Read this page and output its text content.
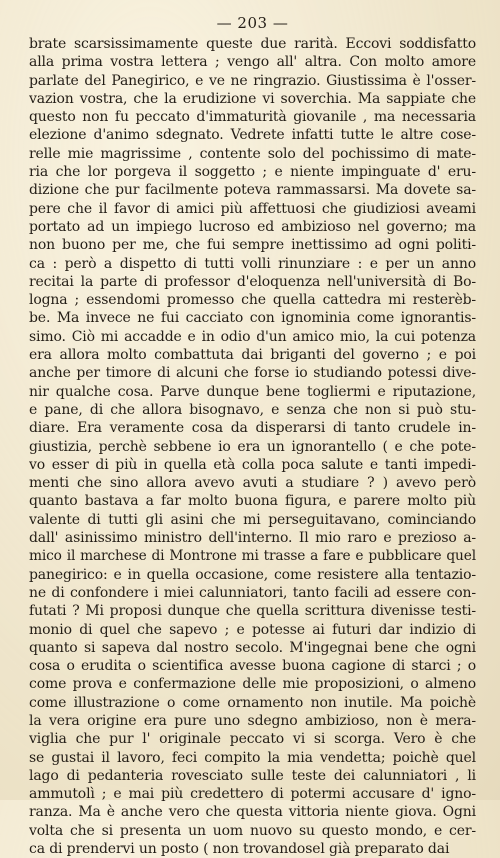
— 203 —
brate scarsissimamente queste due rarità. Eccovi soddisfatto
alla prima vostra lettera ; vengo all' altra. Con molto amore
parlate del Panegirico, e ve ne ringrazio. Giustissima è l'osser-
vazion vostra, che la erudizione vi soverchia. Ma sappiate che
questo non fu peccato d'immaturità giovanile , ma necessaria
elezione d'animo sdegnato. Vedrete infatti tutte le altre cose-
relle mie magrissime , contente solo del pochissimo di mate-
ria che lor porgeva il soggetto ; e niente impinguate d' eru-
dizione che pur facilmente poteva rammassarsi. Ma dovete sa-
pere che il favor di amici più affettuosi che giudiziosi aveami
portato ad un impiego lucroso ed ambizioso nel governo; ma
non buono per me, che fui sempre inettissimo ad ogni politi-
ca : però a dispetto di tutti volli rinunziare : e per un anno
recitai la parte di professor d'eloquenza nell'università di Bo-
logna ; essendomi promesso che quella cattedra mi resterèb-
be. Ma invece ne fui cacciato con ignominia come ignorantis-
simo. Ciò mi accadde e in odio d'un amico mio, la cui potenza
era allora molto combattuta dai briganti del governo ; e poi
anche per timore di alcuni che forse io studiando potessi dive-
nir qualche cosa. Parve dunque bene togliermi e riputazione,
e pane, di che allora bisognavo, e senza che non si può stu-
diare. Era veramente cosa da disperarsi di tanto crudele in-
giustizia, perchè sebbene io era un ignorantello ( e che pote-
vo esser di più in quella età colla poca salute e tanti impedi-
menti che sino allora avevo avuti a studiare ? ) avevo però
quanto bastava a far molto buona figura, e parere molto più
valente di tutti gli asini che mi perseguitavano, cominciando
dall' asinissimo ministro dell'interno. Il mio raro e prezioso a-
mico il marchese di Montrone mi trasse a fare e pubblicare quel
panegirico: e in quella occasione, come resistere alla tentazio-
ne di confondere i miei calunniatori, tanto facili ad essere con-
futati ? Mi proposi dunque che quella scrittura divenisse testi-
monio di quel che sapevo ; e potesse ai futuri dar indizio di
quanto si sapeva dal nostro secolo. M'ingegnai bene che ogni
cosa o erudita o scientifica avesse buona cagione di starci ; o
come prova e confermazione delle mie proposizioni, o almeno
come illustrazione o come ornamento non inutile. Ma poichè
la vera origine era pure uno sdegno ambizioso, non è mera-
viglia che pur l' originale peccato vi si scorga. Vero è che
se gustai il lavoro, feci compito la mia vendetta; poichè quel
lago di pedanteria rovesciato sulle teste dei calunniatori , li
ammutolì ; e mai più credettero di potermi accusare d' igno-
ranza. Ma è anche vero che questa vittoria niente giova. Ogni
volta che si presenta un uom nuovo su questo mondo, e cer-
ca di prendervi un posto ( non trovandosel già preparato dai
